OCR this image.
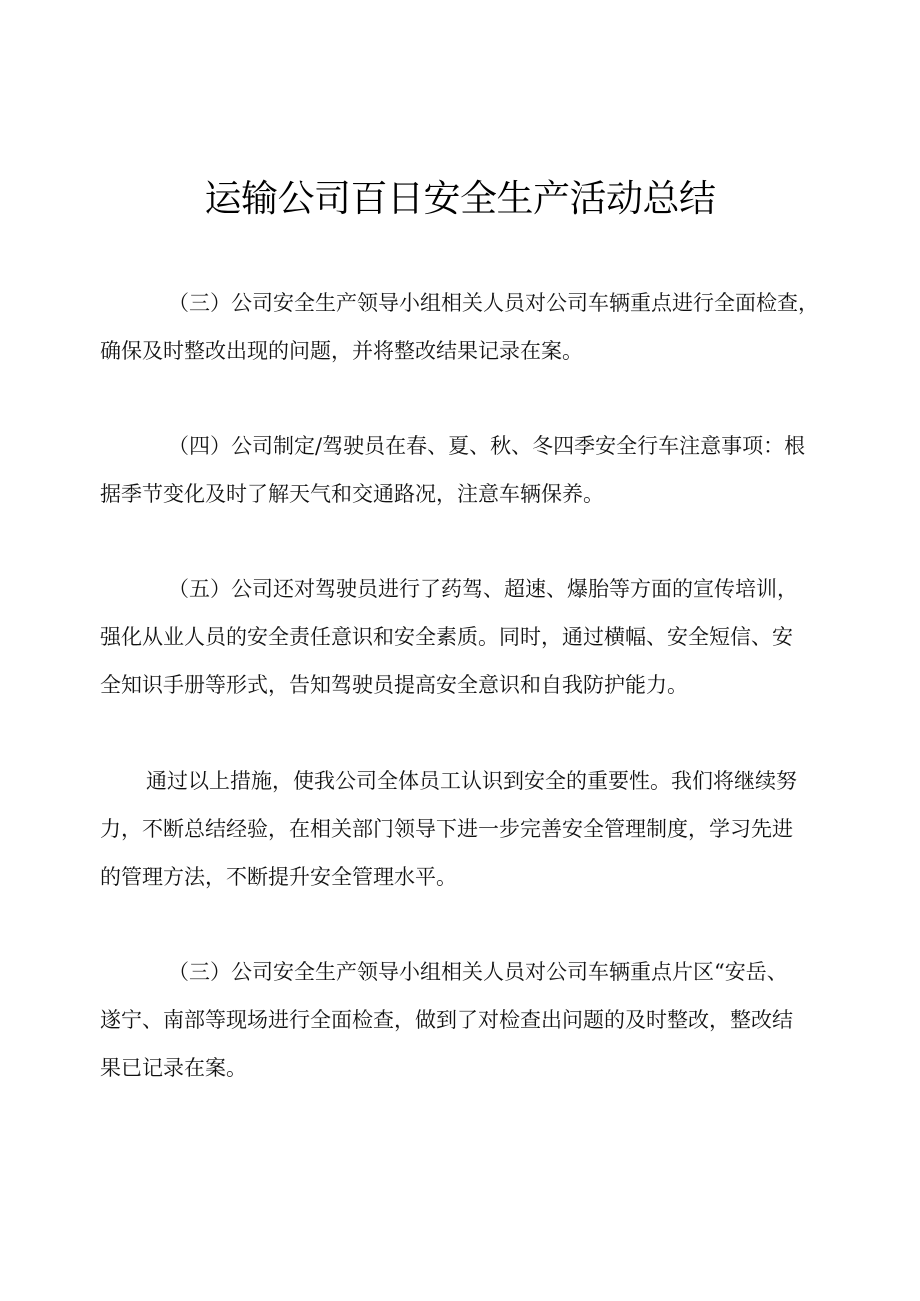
运输公司百日安全生产活动总结

（三）公司安全生产领导小组相关人员对公司车辆重点进行全面检查，
确保及时整改出现的问题，并将整改结果记录在案。

（四）公司制定/驾驶员在春、夏、秋、冬四季安全行车注意事项：根
据季节变化及时了解天气和交通路况，注意车辆保养。

（五）公司还对驾驶员进行了药驾、超速、爆胎等方面的宣传培训，
强化从业人员的安全责任意识和安全素质。同时，通过横幅、安全短信、安
全知识手册等形式，告知驾驶员提高安全意识和自我防护能力。

通过以上措施，使我公司全体员工认识到安全的重要性。我们将继续努
力，不断总结经验，在相关部门领导下进一步完善安全管理制度，学习先进
的管理方法，不断提升安全管理水平。

（三）公司安全生产领导小组相关人员对公司车辆重点片区“安岳、
遂宁、南部等现场进行全面检查，做到了对检查出问题的及时整改，整改结
果已记录在案。
